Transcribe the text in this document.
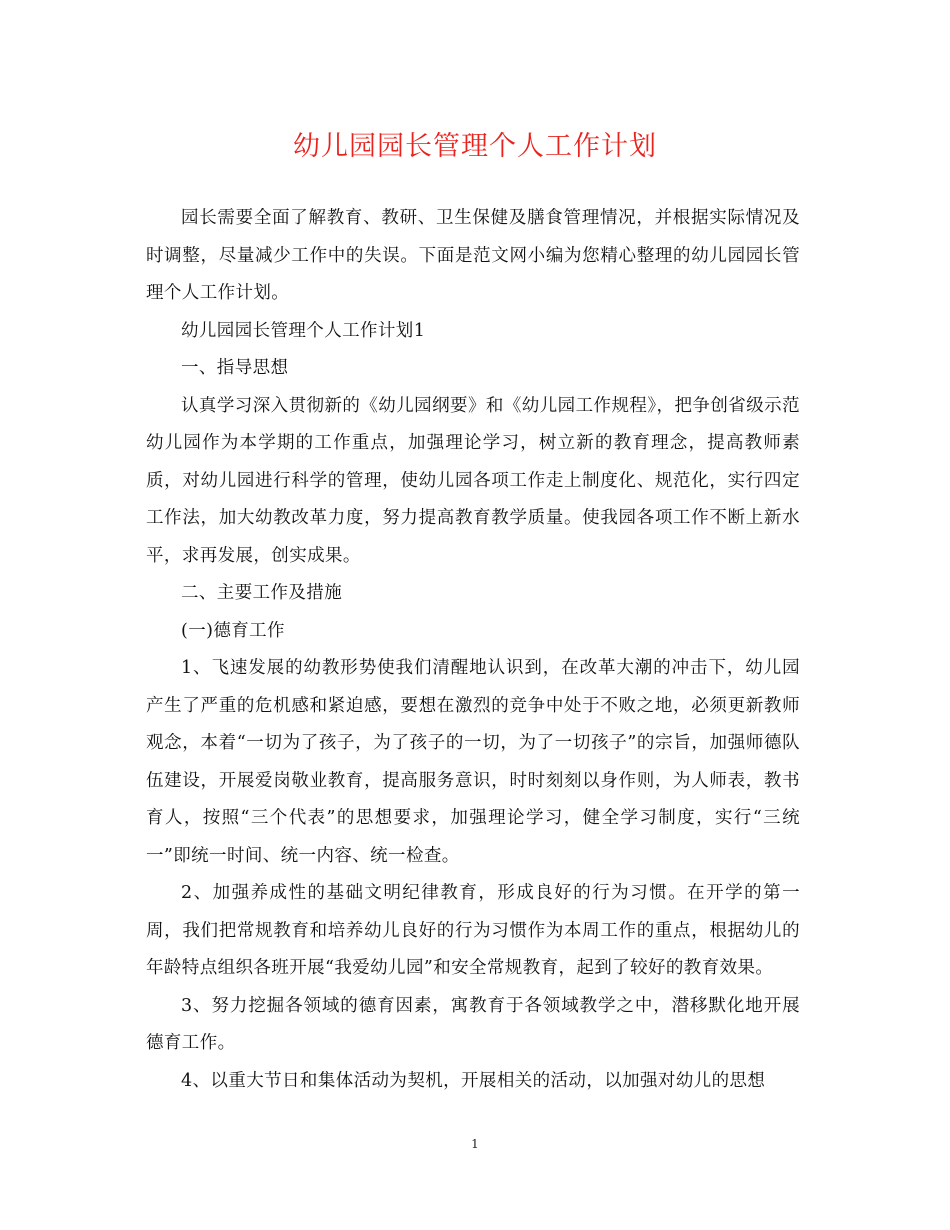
幼儿园园长管理个人工作计划

园长需要全面了解教育、教研、卫生保健及膳食管理情况，并根据实际情况及时调整，尽量减少工作中的失误。下面是范文网小编为您精心整理的幼儿园园长管理个人工作计划。

幼儿园园长管理个人工作计划1

一、指导思想

认真学习深入贯彻新的《幼儿园纲要》和《幼儿园工作规程》，把争创省级示范幼儿园作为本学期的工作重点，加强理论学习，树立新的教育理念，提高教师素质，对幼儿园进行科学的管理，使幼儿园各项工作走上制度化、规范化，实行四定工作法，加大幼教改革力度，努力提高教育教学质量。使我园各项工作不断上新水平，求再发展，创实成果。

二、主要工作及措施

(一)德育工作

1、飞速发展的幼教形势使我们清醒地认识到，在改革大潮的冲击下，幼儿园产生了严重的危机感和紧迫感，要想在激烈的竞争中处于不败之地，必须更新教师观念，本着“一切为了孩子，为了孩子的一切，为了一切孩子”的宗旨，加强师德队伍建设，开展爱岗敬业教育，提高服务意识，时时刻刻以身作则，为人师表，教书育人，按照“三个代表”的思想要求，加强理论学习，健全学习制度，实行“三统一”即统一时间、统一内容、统一检查。

2、加强养成性的基础文明纪律教育，形成良好的行为习惯。在开学的第一周，我们把常规教育和培养幼儿良好的行为习惯作为本周工作的重点，根据幼儿的年龄特点组织各班开展“我爱幼儿园”和安全常规教育，起到了较好的教育效果。

3、努力挖掘各领域的德育因素，寓教育于各领域教学之中，潜移默化地开展德育工作。

4、以重大节日和集体活动为契机，开展相关的活动，以加强对幼儿的思想

1
